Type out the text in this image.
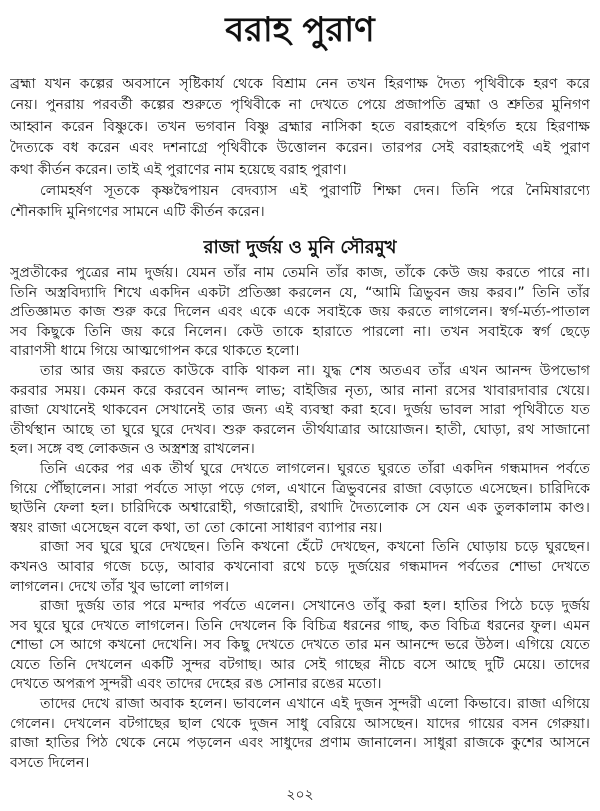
বরাহ পুরাণ
ব্রহ্মা যখন কল্পের অবসানে সৃষ্টিকার্য থেকে বিশ্রাম নেন তখন হিরণাক্ষ দৈত্য পৃথিবীকে হরণ করে
নেয়। পুনরায় পরবর্তী কল্পের শুরুতে পৃথিবীকে না দেখতে পেয়ে প্রজাপতি ব্রহ্মা ও শ্রুতির মুনিগণ
আহ্বান করেন বিষ্ণুকে। তখন ভগবান বিষ্ণু ব্রহ্মার নাসিকা হতে বরাহরূপে বহির্গত হয়ে হিরণাক্ষ
দৈত্যকে বধ করেন এবং দশনাগ্রে পৃথিবীকে উত্তোলন করেন। তারপর সেই বরাহরূপেই এই পুরাণ
কথা কীর্তন করেন। তাই এই পুরাণের নাম হয়েছে বরাহ পুরাণ।
লোমহর্ষণ সূতকে কৃষ্ণদ্বৈপায়ন বেদব্যাস এই পুরাণটি শিক্ষা দেন। তিনি পরে নৈমিষারণ্যে
শৌনকাদি মুনিগণের সামনে এটি কীর্তন করেন।
রাজা দুর্জয় ও মুনি সৌরমুখ
সুপ্রতীকের পুত্রের নাম দুর্জয়। যেমন তাঁর নাম তেমনি তাঁর কাজ, তাঁকে কেউ জয় করতে পারে না।
তিনি অস্ত্রবিদ্যাদি শিখে একদিন একটা প্রতিজ্ঞা করলেন যে, “আমি ত্রিভুবন জয় করব।” তিনি তাঁর
প্রতিজ্ঞামত কাজ শুরু করে দিলেন এবং একে একে সবাইকে জয় করতে লাগলেন। স্বর্গ-মর্ত্য-পাতাল
সব কিছুকে তিনি জয় করে নিলেন। কেউ তাকে হারাতে পারলো না। তখন সবাইকে স্বর্গ ছেড়ে
বারাণসী ধামে গিয়ে আত্মগোপন করে থাকতে হলো।
তার আর জয় করতে কাউকে বাকি থাকল না। যুদ্ধ শেষ অতএব তাঁর এখন আনন্দ উপভোগ
করবার সময়। কেমন করে করবেন আনন্দ লাভ; বাইজির নৃত্য, আর নানা রসের খাবারদাবার খেয়ে।
রাজা যেখানেই থাকবেন সেখানেই তার জন্য এই ব্যবস্থা করা হবে। দুর্জয় ভাবল সারা পৃথিবীতে যত
তীর্থস্থান আছে তা ঘুরে ঘুরে দেখব। শুরু করলেন তীর্থযাত্রার আয়োজন। হাতী, ঘোড়া, রথ সাজানো
হল। সঙ্গে বহু লোকজন ও অস্ত্রশস্ত্র রাখলেন।
তিনি একের পর এক তীর্থ ঘুরে দেখতে লাগলেন। ঘুরতে ঘুরতে তাঁরা একদিন গন্ধমাদন পর্বতে
গিয়ে পৌঁছালেন। সারা পর্বতে সাড়া পড়ে গেল, এখানে ত্রিভুবনের রাজা বেড়াতে এসেছেন। চারিদিকে
ছাউনি ফেলা হল। চারিদিকে অশ্বারোহী, গজারোহী, রথাদি দৈত্যলোক সে যেন এক তুলকালাম কাণ্ড।
স্বয়ং রাজা এসেছেন বলে কথা, তা তো কোনো সাধারণ ব্যাপার নয়।
রাজা সব ঘুরে ঘুরে দেখছেন। তিনি কখনো হেঁটে দেখছেন, কখনো তিনি ঘোড়ায় চড়ে ঘুরছেন।
কখনও আবার গজে চড়ে, আবার কখনোবা রথে চড়ে দুর্জয়ের গন্ধমাদন পর্বতের শোভা দেখতে
লাগলেন। দেখে তাঁর খুব ভালো লাগল।
রাজা দুর্জয় তার পরে মন্দার পর্বতে এলেন। সেখানেও তাঁবু করা হল। হাতির পিঠে চড়ে দুর্জয়
সব ঘুরে ঘুরে দেখতে লাগলেন। তিনি দেখলেন কি বিচিত্র ধরনের গাছ, কত বিচিত্র ধরনের ফুল। এমন
শোভা সে আগে কখনো দেখেনি। সব কিছু দেখতে দেখতে তার মন আনন্দে ভরে উঠল। এগিয়ে যেতে
যেতে তিনি দেখলেন একটি সুন্দর বটগাছ। আর সেই গাছের নীচে বসে আছে দুটি মেয়ে। তাদের
দেখতে অপরূপ সুন্দরী এবং তাদের দেহের রঙ সোনার রঙের মতো।
তাদের দেখে রাজা অবাক হলেন। ভাবলেন এখানে এই দুজন সুন্দরী এলো কিভাবে। রাজা এগিয়ে
গেলেন। দেখলেন বটগাছের ছাল থেকে দুজন সাধু বেরিয়ে আসছেন। যাদের গায়ের বসন গেরুয়া।
রাজা হাতির পিঠ থেকে নেমে পড়লেন এবং সাধুদের প্রণাম জানালেন। সাধুরা রাজকে কুশের আসনে
বসতে দিলেন।
২০২
